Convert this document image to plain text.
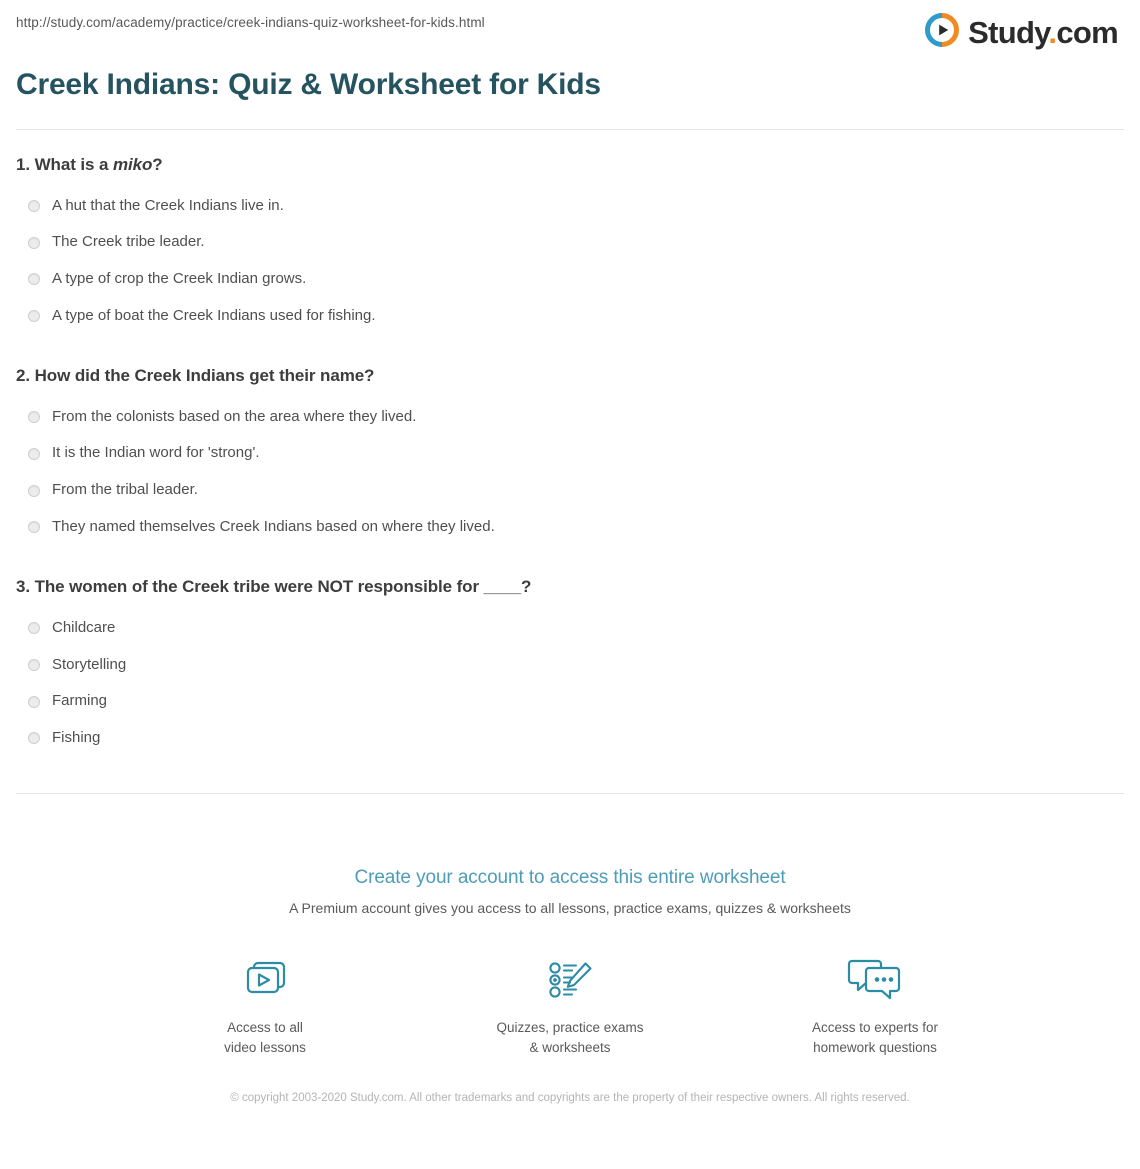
http://study.com/academy/practice/creek-indians-quiz-worksheet-for-kids.html	Study.com
Creek Indians: Quiz & Worksheet for Kids

1. What is a miko?

A hut that the Creek Indians live in.
The Creek tribe leader.
A type of crop the Creek Indian grows.
A type of boat the Creek Indians used for fishing.

2. How did the Creek Indians get their name?

From the colonists based on the area where they lived.
It is the Indian word for 'strong'.
From the tribal leader.
They named themselves Creek Indians based on where they lived.

3. The women of the Creek tribe were NOT responsible for ____?

Childcare
Storytelling
Farming
Fishing
Create your account to access this entire worksheet
A Premium account gives you access to all lessons, practice exams, quizzes & worksheets
Access to all
video lessons
Quizzes, practice exams
& worksheets
Access to experts for
homework questions
© copyright 2003-2020 Study.com. All other trademarks and copyrights are the property of their respective owners. All rights reserved.
